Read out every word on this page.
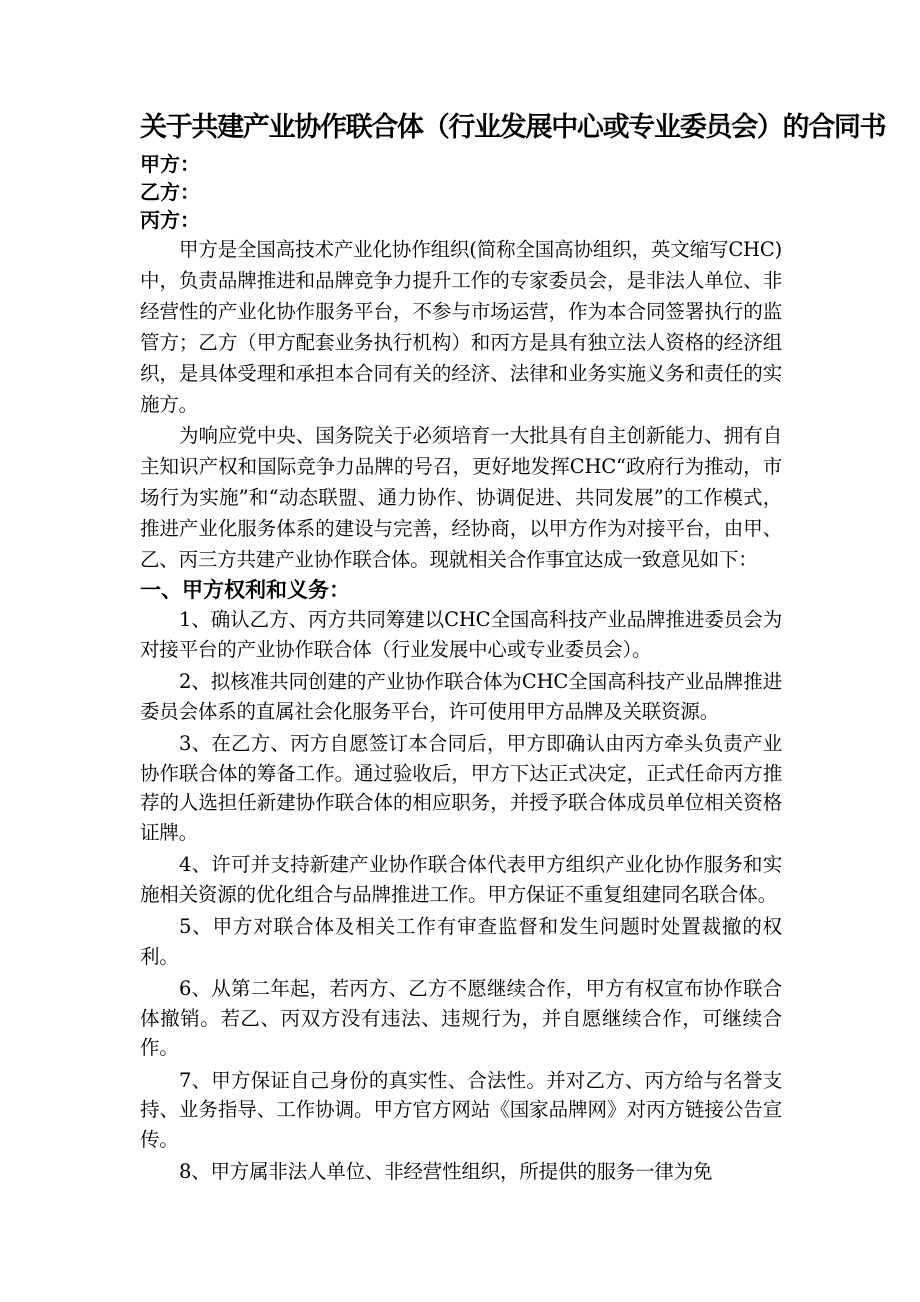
关于共建产业协作联合体（行业发展中心或专业委员会）的合同书

甲方：

乙方：

丙方：

甲方是全国高技术产业化协作组织(简称全国高协组织，英文缩写CHC)中，负责品牌推进和品牌竞争力提升工作的专家委员会，是非法人单位、非经营性的产业化协作服务平台，不参与市场运营，作为本合同签署执行的监管方；乙方（甲方配套业务执行机构）和丙方是具有独立法人资格的经济组织，是具体受理和承担本合同有关的经济、法律和业务实施义务和责任的实施方。

为响应党中央、国务院关于必须培育一大批具有自主创新能力、拥有自主知识产权和国际竞争力品牌的号召，更好地发挥CHC“政府行为推动，市场行为实施”和“动态联盟、通力协作、协调促进、共同发展”的工作模式，推进产业化服务体系的建设与完善，经协商，以甲方作为对接平台，由甲、乙、丙三方共建产业协作联合体。现就相关合作事宜达成一致意见如下：

一、甲方权利和义务：

1、确认乙方、丙方共同筹建以CHC全国高科技产业品牌推进委员会为对接平台的产业协作联合体（行业发展中心或专业委员会）。

2、拟核准共同创建的产业协作联合体为CHC全国高科技产业品牌推进委员会体系的直属社会化服务平台，许可使用甲方品牌及关联资源。

3、在乙方、丙方自愿签订本合同后，甲方即确认由丙方牵头负责产业协作联合体的筹备工作。通过验收后，甲方下达正式决定，正式任命丙方推荐的人选担任新建协作联合体的相应职务，并授予联合体成员单位相关资格证牌。

4、许可并支持新建产业协作联合体代表甲方组织产业化协作服务和实施相关资源的优化组合与品牌推进工作。甲方保证不重复组建同名联合体。

5、甲方对联合体及相关工作有审查监督和发生问题时处置裁撤的权利。

6、从第二年起，若丙方、乙方不愿继续合作，甲方有权宣布协作联合体撤销。若乙、丙双方没有违法、违规行为，并自愿继续合作，可继续合作。

7、甲方保证自己身份的真实性、合法性。并对乙方、丙方给与名誉支持、业务指导、工作协调。甲方官方网站《国家品牌网》对丙方链接公告宣传。

8、甲方属非法人单位、非经营性组织，所提供的服务一律为免
